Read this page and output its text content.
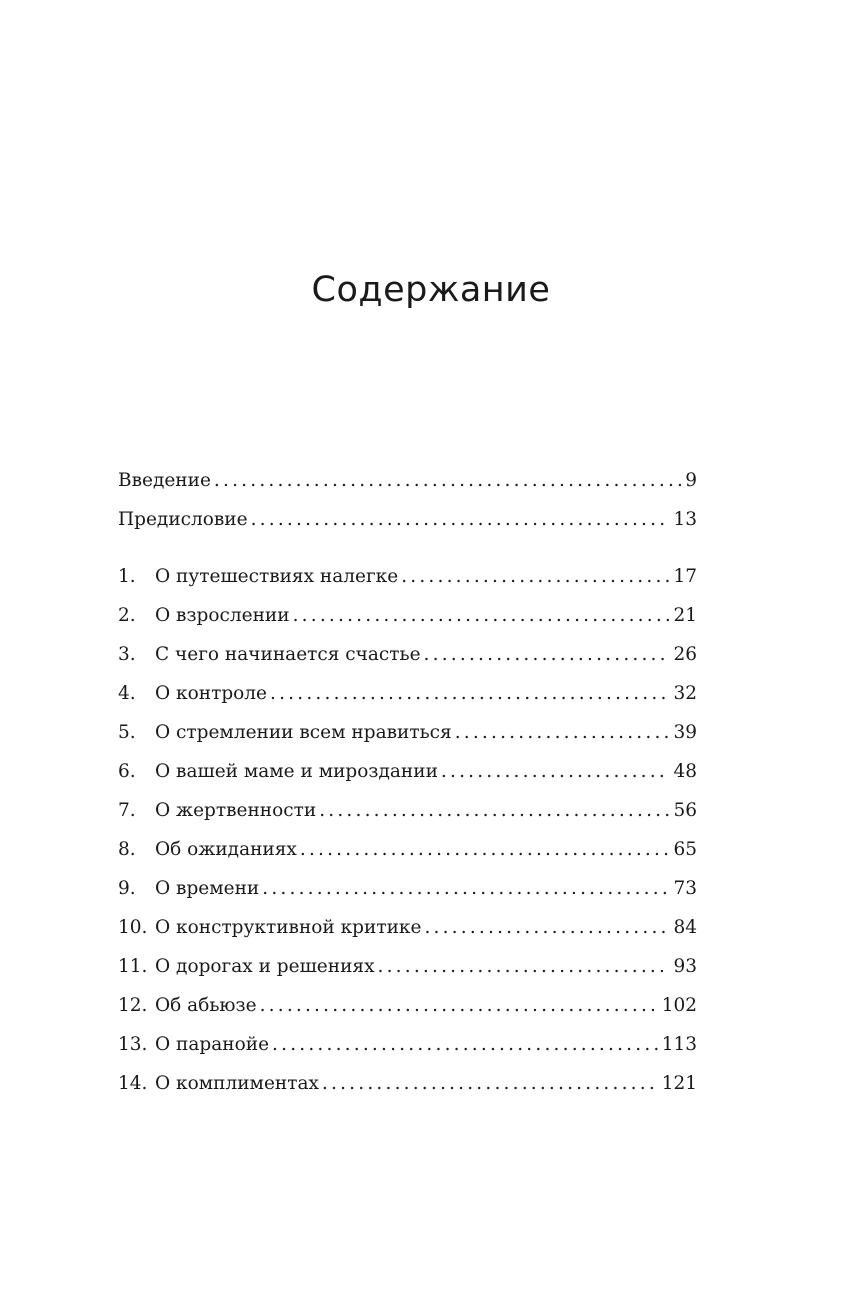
Содержание
Введение .....	9
Предисловие .....	13
1.	О путешествиях налегке .....	17
2.	О взрослении .....	21
3.	С чего начинается счастье .....	26
4.	О контроле .....	32
5.	О стремлении всем нравиться .....	39
6.	О вашей маме и мироздании .....	48
7.	О жертвенности .....	56
8.	Об ожиданиях .....	65
9.	О времени .....	73
10. О конструктивной критике .....	84
11. О дорогах и решениях .....	93
12. Об абьюзе .....	102
13. О паранойе .....	113
14. О комплиментах .....	121
